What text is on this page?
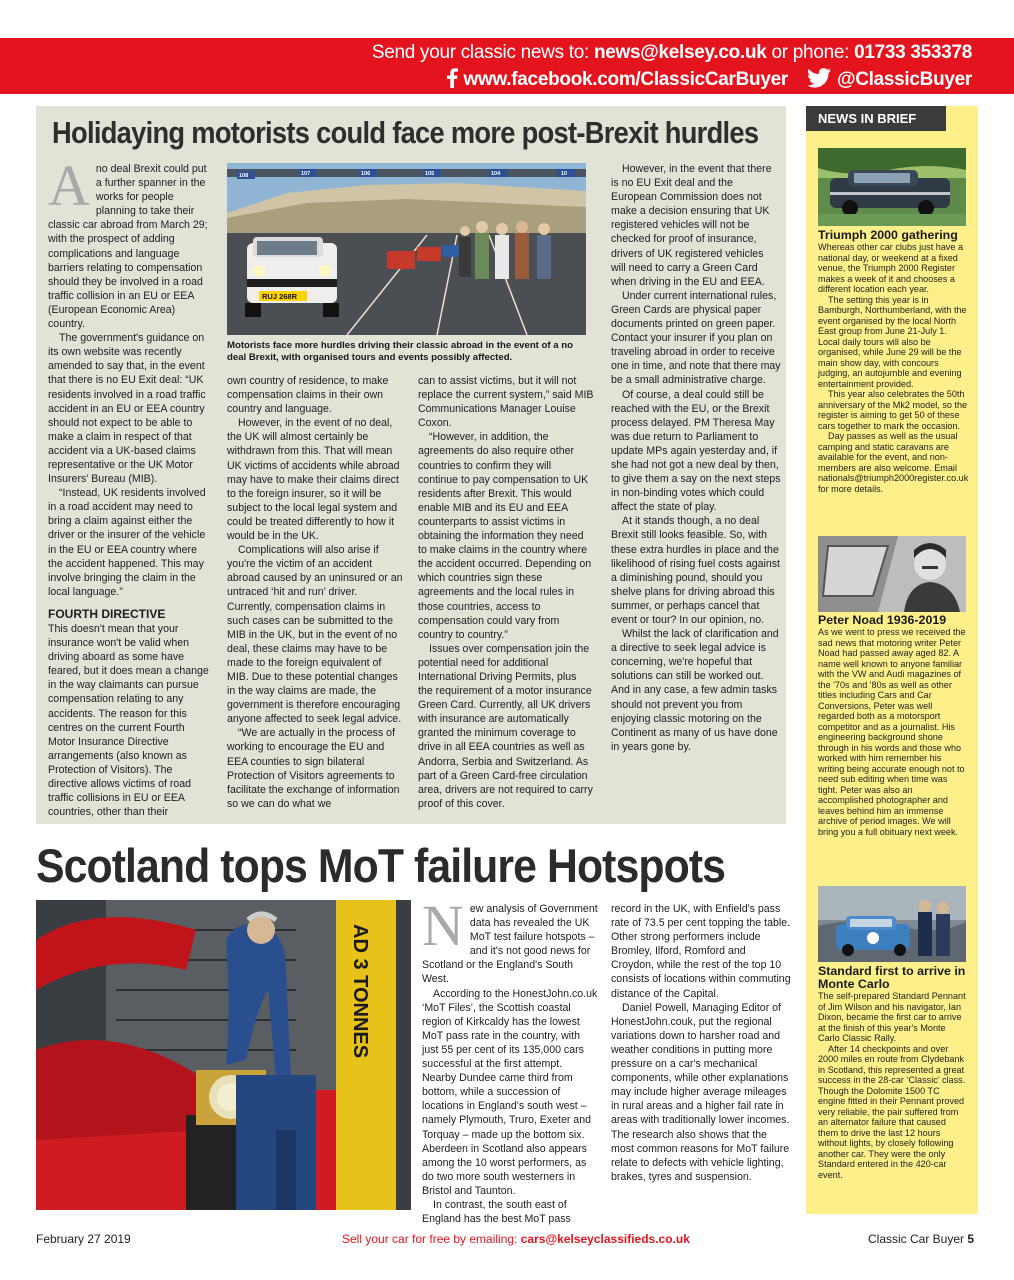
Send your classic news to: news@kelsey.co.uk or phone: 01733 353378
www.facebook.com/ClassicCarBuyer	@ClassicBuyer
Holidaying motorists could face more post-Brexit hurdles
A no deal Brexit could put a further spanner in the works for people planning to take their classic car abroad from March 29; with the prospect of adding complications and language barriers relating to compensation should they be involved in a road traffic collision in an EU or EEA (European Economic Area) country.

The government's guidance on its own website was recently amended to say that, in the event that there is no EU Exit deal: “UK residents involved in a road traffic accident in an EU or EEA country should not expect to be able to make a claim in respect of that accident via a UK-based claims representative or the UK Motor Insurers' Bureau (MIB).

“Instead, UK residents involved in a road accident may need to bring a claim against either the driver or the insurer of the vehicle in the EU or EEA country where the accident happened. This may involve bringing the claim in the local language.”

FOURTH DIRECTIVE

This doesn't mean that your insurance won't be valid when driving aboard as some have feared, but it does mean a change in the way claimants can pursue compensation relating to any accidents. The reason for this centres on the current Fourth Motor Insurance Directive arrangements (also known as Protection of Visitors). The directive allows victims of road traffic collisions in EU or EEA countries, other than their

108	107	106	105	104	10
RUJ 268R
Motorists face more hurdles driving their classic abroad in the event of a no deal Brexit, with organised tours and events possibly affected.

own country of residence, to make compensation claims in their own country and language.

However, in the event of no deal, the UK will almost certainly be withdrawn from this. That will mean UK victims of accidents while abroad may have to make their claims direct to the foreign insurer, so it will be subject to the local legal system and could be treated differently to how it would be in the UK.

Complications will also arise if you're the victim of an accident abroad caused by an uninsured or an untraced ‘hit and run’ driver. Currently, compensation claims in such cases can be submitted to the MIB in the UK, but in the event of no deal, these claims may have to be made to the foreign equivalent of MIB. Due to these potential changes in the way claims are made, the government is therefore encouraging anyone affected to seek legal advice.

“We are actually in the process of working to encourage the EU and EEA counties to sign bilateral Protection of Visitors agreements to facilitate the exchange of information so we can do what we

can to assist victims, but it will not replace the current system,” said MIB Communications Manager Louise Coxon.

“However, in addition, the agreements do also require other countries to confirm they will continue to pay compensation to UK residents after Brexit. This would enable MIB and its EU and EEA counterparts to assist victims in obtaining the information they need to make claims in the country where the accident occurred. Depending on which countries sign these agreements and the local rules in those countries, access to compensation could vary from country to country.”

Issues over compensation join the potential need for additional International Driving Permits, plus the requirement of a motor insurance Green Card. Currently, all UK drivers with insurance are automatically granted the minimum coverage to drive in all EEA countries as well as Andorra, Serbia and Switzerland. As part of a Green Card-free circulation area, drivers are not required to carry proof of this cover.

However, in the event that there is no EU Exit deal and the European Commission does not make a decision ensuring that UK registered vehicles will not be checked for proof of insurance, drivers of UK registered vehicles will need to carry a Green Card when driving in the EU and EEA.

Under current international rules, Green Cards are physical paper documents printed on green paper. Contact your insurer if you plan on traveling abroad in order to receive one in time, and note that there may be a small administrative charge.

Of course, a deal could still be reached with the EU, or the Brexit process delayed. PM Theresa May was due return to Parliament to update MPs again yesterday and, if she had not got a new deal by then, to give them a say on the next steps in non-binding votes which could affect the state of play.

At it stands though, a no deal Brexit still looks feasible. So, with these extra hurdles in place and the likelihood of rising fuel costs against a diminishing pound, should you shelve plans for driving abroad this summer, or perhaps cancel that event or tour? In our opinion, no.

Whilst the lack of clarification and a directive to seek legal advice is concerning, we're hopeful that solutions can still be worked out. And in any case, a few admin tasks should not prevent you from enjoying classic motoring on the Continent as many of us have done in years gone by.

Scotland tops MoT failure Hotspots
AD 3 TONNES N ew analysis of Government data has revealed the UK MoT test failure hotspots – and it's not good news for Scotland or the England's South West.

According to the HonestJohn.co.uk ‘MoT Files’, the Scottish coastal region of Kirkcaldy has the lowest MoT pass rate in the country, with just 55 per cent of its 135,000 cars successful at the first attempt. Nearby Dundee came third from bottom, while a succession of locations in England's south west – namely Plymouth, Truro, Exeter and Torquay – made up the bottom six. Aberdeen in Scotland also appears among the 10 worst performers, as do two more south westerners in Bristol and Taunton.

In contrast, the south east of England has the best MoT pass

record in the UK, with Enfield's pass rate of 73.5 per cent topping the table. Other strong performers include Bromley, Ilford, Romford and Croydon, while the rest of the top 10 consists of locations within commuting distance of the Capital.

Daniel Powell, Managing Editor of HonestJohn.couk, put the regional variations down to harsher road and weather conditions in putting more pressure on a car's mechanical components, while other explanations may include higher average mileages in rural areas and a higher fail rate in areas with traditionally lower incomes. The research also shows that the most common reasons for MoT failure relate to defects with vehicle lighting, brakes, tyres and suspension.

NEWS IN BRIEF
Triumph 2000 gathering

Whereas other car clubs just have a national day, or weekend at a fixed venue, the Triumph 2000 Register makes a week of it and chooses a different location each year.

The setting this year is in Bamburgh, Northumberland, with the event organised by the local North East group from June 21-July 1. Local daily tours will also be organised, while June 29 will be the main show day, with concours judging, an autojumble and evening entertainment provided.

This year also celebrates the 50th anniversary of the Mk2 model, so the register is aiming to get 50 of these cars together to mark the occasion.

Day passes as well as the usual camping and static caravans are available for the event, and non-members are also welcome. Email nationals@triumph2000register.co.uk for more details.

Peter Noad 1936-2019

As we went to press we received the sad news that motoring writer Peter Noad had passed away aged 82. A name well known to anyone familiar with the VW and Audi magazines of the '70s and '80s as well as other titles including Cars and Car Conversions, Peter was well regarded both as a motorsport competitor and as a journalist. His engineering background shone through in his words and those who worked with him remember his writing being accurate enough not to need sub editing when time was tight. Peter was also an accomplished photographer and leaves behind him an immense archive of period images. We will bring you a full obituary next week.

Standard first to arrive in Monte Carlo

The self-prepared Standard Pennant of Jim Wilson and his navigator, Ian Dixon, became the first car to arrive at the finish of this year's Monte Carlo Classic Rally.

After 14 checkpoints and over 2000 miles en route from Clydebank in Scotland, this represented a great success in the 28-car ‘Classic’ class. Though the Dolomite 1500 TC engine fitted in their Pennant proved very reliable, the pair suffered from an alternator failure that caused them to drive the last 12 hours without lights, by closely following another car. They were the only Standard entered in the 420-car event.

February 27 2019	Sell your car for free by emailing: cars@kelseyclassifieds.co.uk	Classic Car Buyer 5
